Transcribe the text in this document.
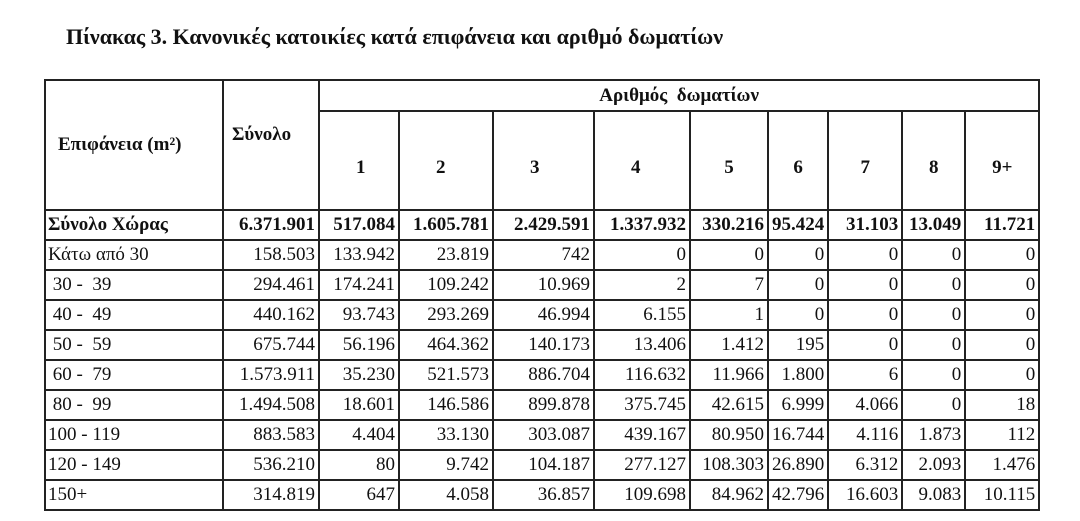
Πίνακας 3. Κανονικές κατοικίες κατά επιφάνεια και αριθμό δωματίων
Επιφάνεια (m²)	Σύνολο	Αριθμός  δωματίων								
		1	2	3	4	5	6	7	8	9+
Σύνολο Χώρας	6.371.901	517.084	1.605.781	2.429.591	1.337.932	330.216	95.424	31.103	13.049	11.721
Κάτω από 30	158.503	133.942	23.819	742	0	0	0	0	0	0
30 -  39	294.461	174.241	109.242	10.969	2	7	0	0	0	0
40 -  49	440.162	93.743	293.269	46.994	6.155	1	0	0	0	0
50 -  59	675.744	56.196	464.362	140.173	13.406	1.412	195	0	0	0
60 -  79	1.573.911	35.230	521.573	886.704	116.632	11.966	1.800	6	0	0
80 -  99	1.494.508	18.601	146.586	899.878	375.745	42.615	6.999	4.066	0	18
100 - 119	883.583	4.404	33.130	303.087	439.167	80.950	16.744	4.116	1.873	112
120 - 149	536.210	80	9.742	104.187	277.127	108.303	26.890	6.312	2.093	1.476
150+	314.819	647	4.058	36.857	109.698	84.962	42.796	16.603	9.083	10.115
